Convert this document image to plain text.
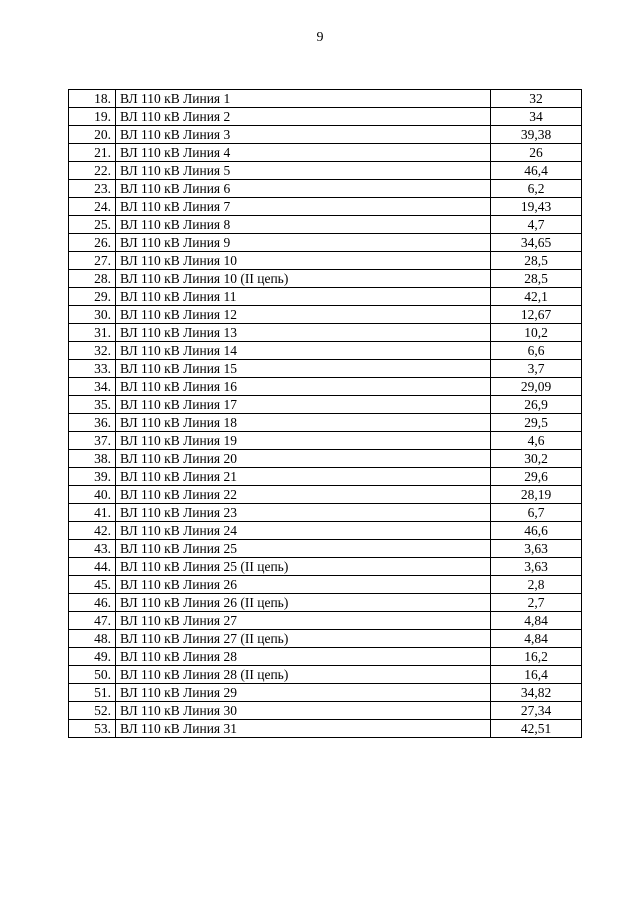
9
18.	ВЛ 110 кВ Линия 1	32
19.	ВЛ 110 кВ Линия 2	34
20.	ВЛ 110 кВ Линия 3	39,38
21.	ВЛ 110 кВ Линия 4	26
22.	ВЛ 110 кВ Линия 5	46,4
23.	ВЛ 110 кВ Линия 6	6,2
24.	ВЛ 110 кВ Линия 7	19,43
25.	ВЛ 110 кВ Линия 8	4,7
26.	ВЛ 110 кВ Линия 9	34,65
27.	ВЛ 110 кВ Линия 10	28,5
28.	ВЛ 110 кВ Линия 10 (II цепь)	28,5
29.	ВЛ 110 кВ Линия 11	42,1
30.	ВЛ 110 кВ Линия 12	12,67
31.	ВЛ 110 кВ Линия 13	10,2
32.	ВЛ 110 кВ Линия 14	6,6
33.	ВЛ 110 кВ Линия 15	3,7
34.	ВЛ 110 кВ Линия 16	29,09
35.	ВЛ 110 кВ Линия 17	26,9
36.	ВЛ 110 кВ Линия 18	29,5
37.	ВЛ 110 кВ Линия 19	4,6
38.	ВЛ 110 кВ Линия 20	30,2
39.	ВЛ 110 кВ Линия 21	29,6
40.	ВЛ 110 кВ Линия 22	28,19
41.	ВЛ 110 кВ Линия 23	6,7
42.	ВЛ 110 кВ Линия 24	46,6
43.	ВЛ 110 кВ Линия 25	3,63
44.	ВЛ 110 кВ Линия 25 (II цепь)	3,63
45.	ВЛ 110 кВ Линия 26	2,8
46.	ВЛ 110 кВ Линия 26 (II цепь)	2,7
47.	ВЛ 110 кВ Линия 27	4,84
48.	ВЛ 110 кВ Линия 27 (II цепь)	4,84
49.	ВЛ 110 кВ Линия 28	16,2
50.	ВЛ 110 кВ Линия 28 (II цепь)	16,4
51.	ВЛ 110 кВ Линия 29	34,82
52.	ВЛ 110 кВ Линия 30	27,34
53.	ВЛ 110 кВ Линия 31	42,51
